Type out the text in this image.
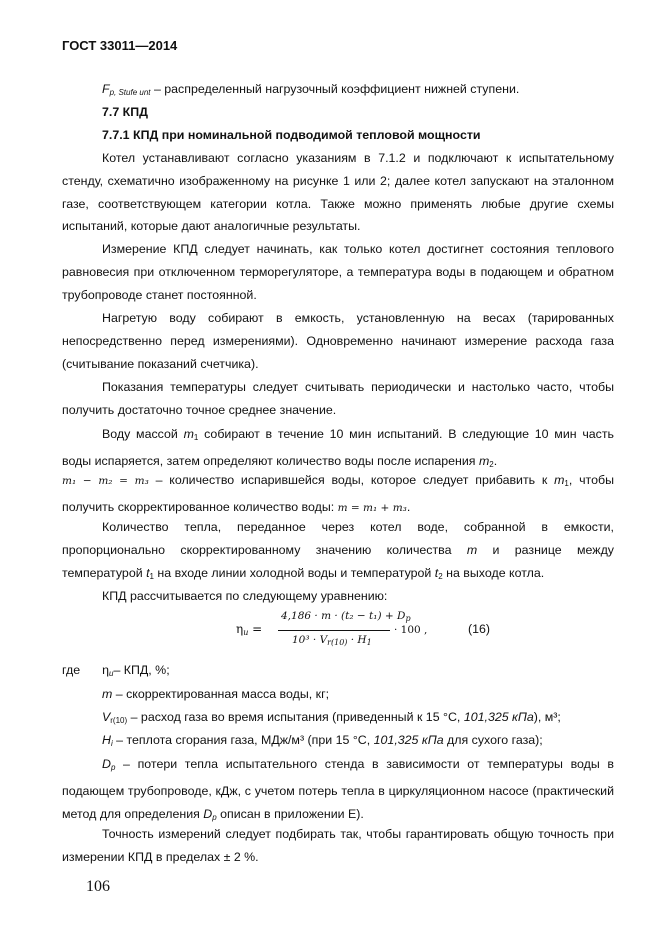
ГОСТ 33011—2014
$F_{p, Stufe unt}$ – распределенный нагрузочный коэффициент нижней ступени.
7.7 КПД
7.7.1 КПД при номинальной подводимой тепловой мощности
Котел устанавливают согласно указаниям в 7.1.2 и подключают к испытательному стенду, схематично изображенному на рисунке 1 или 2; далее котел запускают на эталонном газе, соответствующем категории котла. Также можно применять любые другие схемы испытаний, которые дают аналогичные результаты.
Измерение КПД следует начинать, как только котел достигнет состояния теплового равновесия при отключенном терморегуляторе, а температура воды в подающем и обратном трубопроводе станет постоянной.
Нагретую воду собирают в емкость, установленную на весах (тарированных непосредственно перед измерениями). Одновременно начинают измерение расхода газа (считывание показаний счетчика).
Показания температуры следует считывать периодически и настолько часто, чтобы получить достаточно точное среднее значение.
Воду массой $m_1$ собирают в течение 10 мин испытаний. В следующие 10 мин часть воды испаряется, затем определяют количество воды после испарения $m_2$.
m₁ − m₂ = m₃ – количество испарившейся воды, которое следует прибавить к $m_1$, чтобы получить скорректированное количество воды: m = m₁ + m₃.
Количество тепла, переданное через котел воде, собранной в емкости, пропорционально скорректированному значению количества m и разнице между температурой $t_1$ на входе линии холодной воды и температурой $t_2$ на выходе котла.
КПД рассчитывается по следующему уравнению:
$\eta_u$ =
$4,186 \cdot m \cdot (t_2 - t_1) + D_p$
$10^3 \cdot V_{r(10)} \cdot H_1$
· 100 ,	(16)
где $\eta_u-$ КПД, %;
m – скорректированная масса воды, кг;
$V_{r(10)}$ – расход газа во время испытания (приведенный к 15 °С, 101,325 кПа), м³;
$H_i$ – теплота сгорания газа, МДж/м³ (при 15 °С, 101,325 кПа для сухого газа);
$D_p$ – потери тепла испытательного стенда в зависимости от температуры воды в подающем трубопроводе, кДж, с учетом потерь тепла в циркуляционном насосе (практический метод для определения $D_p$ описан в приложении Е).
Точность измерений следует подбирать так, чтобы гарантировать общую точность при измерении КПД в пределах ± 2 %.
106
